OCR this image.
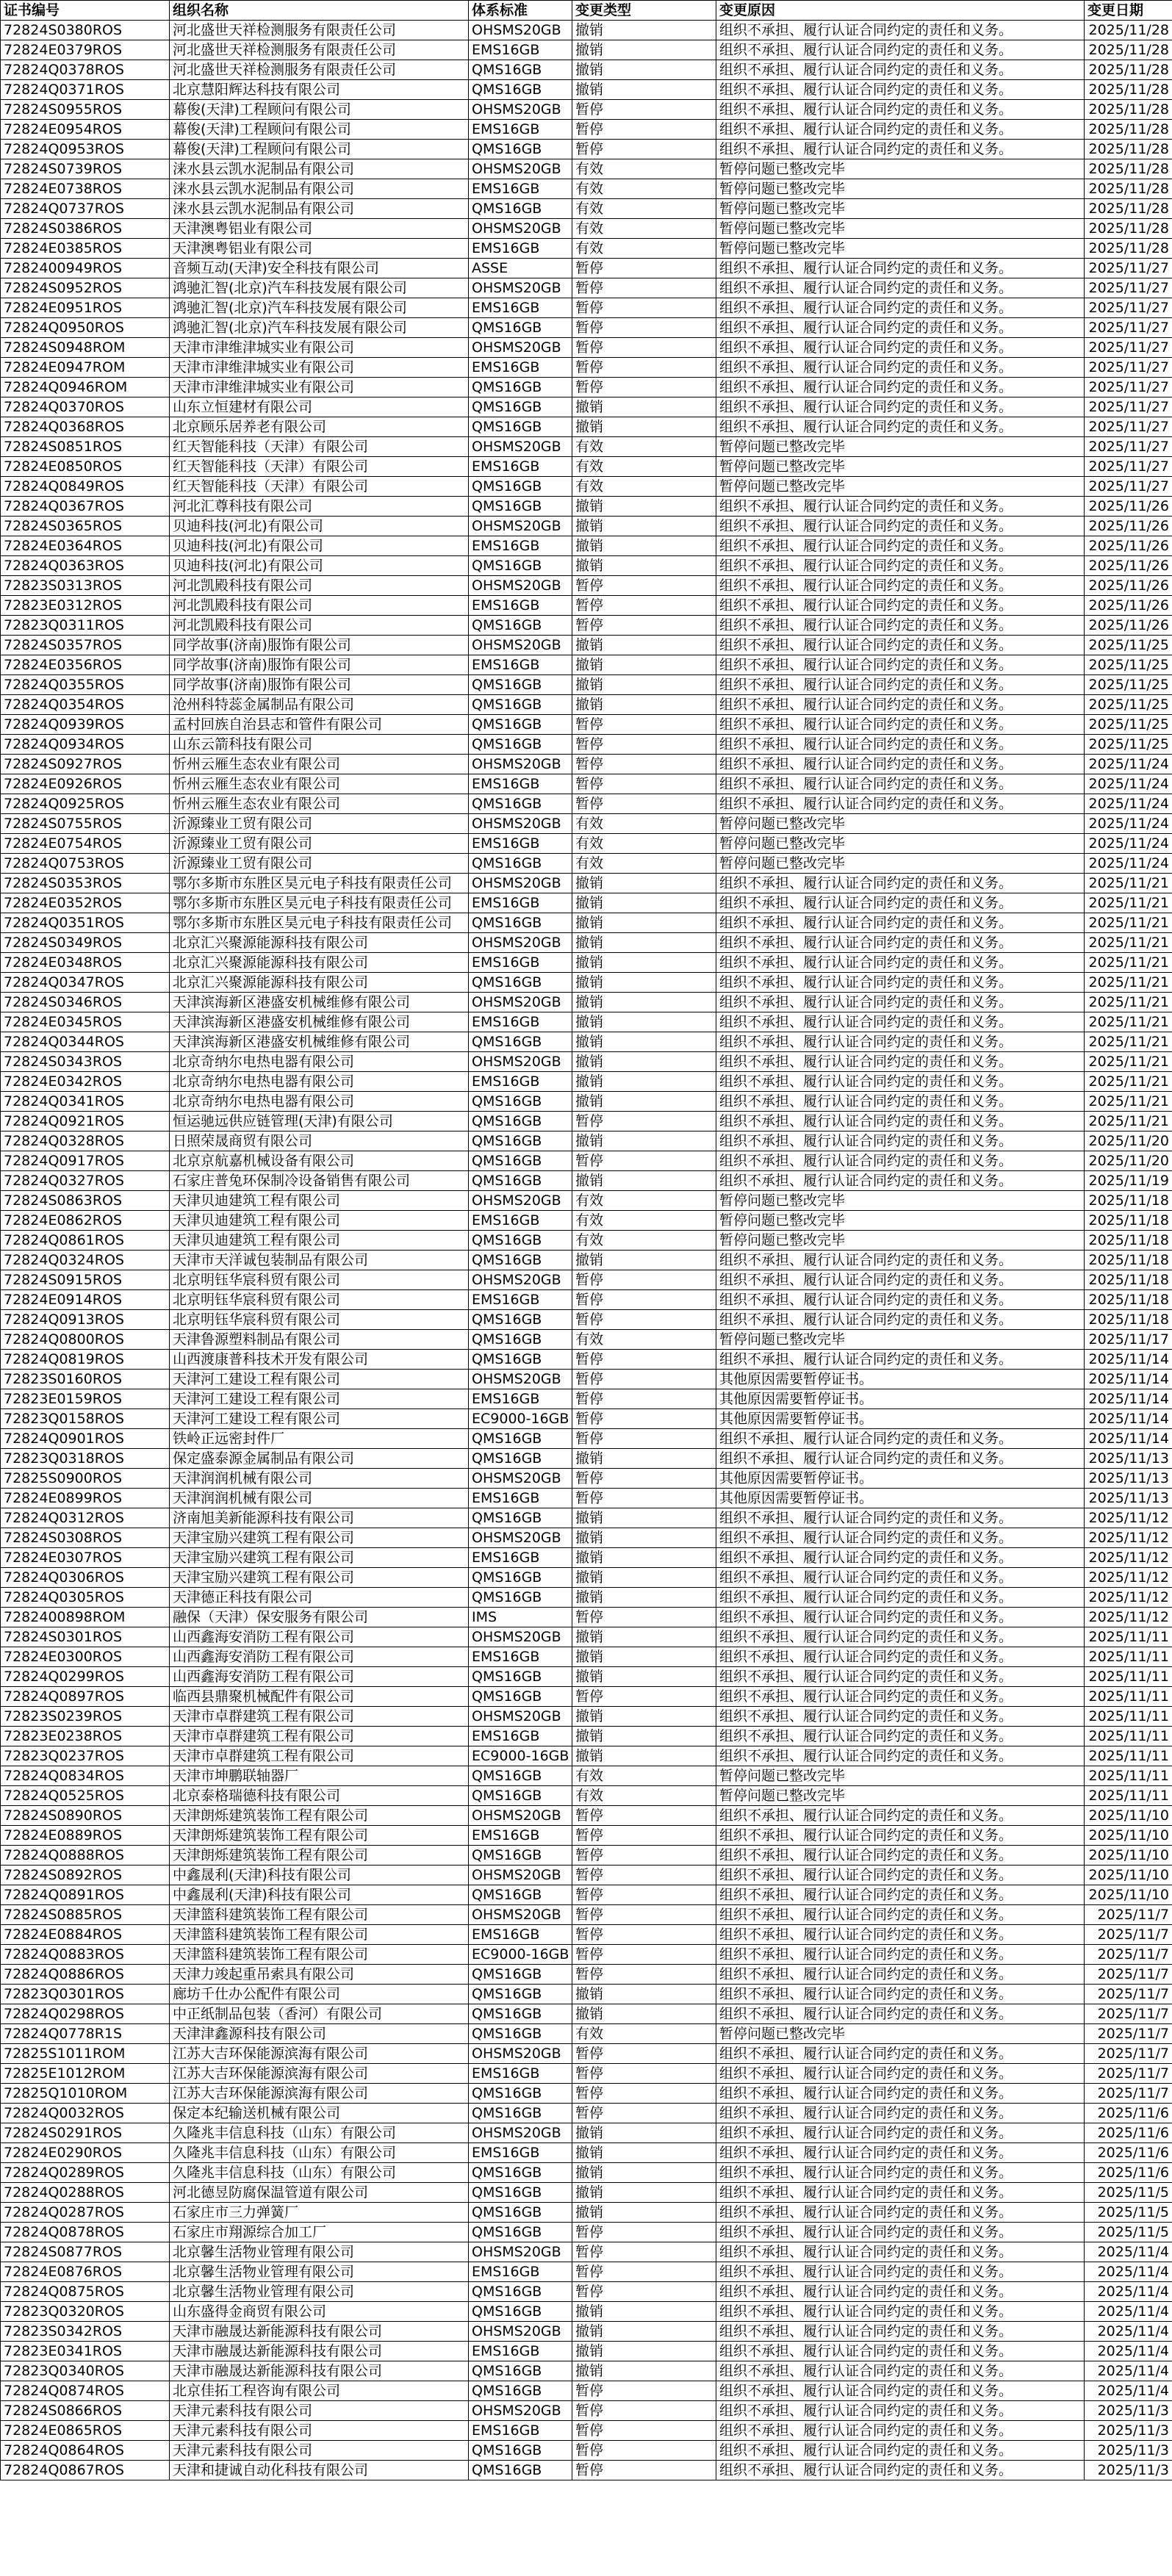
证书编号	组织名称	体系标准	变更类型	变更原因	变更日期
72824S0380ROS	河北盛世天祥检测服务有限责任公司	OHSMS20GB	撤销	组织不承担、履行认证合同约定的责任和义务。	2025/11/28
72824E0379ROS	河北盛世天祥检测服务有限责任公司	EMS16GB	撤销	组织不承担、履行认证合同约定的责任和义务。	2025/11/28
72824Q0378ROS	河北盛世天祥检测服务有限责任公司	QMS16GB	撤销	组织不承担、履行认证合同约定的责任和义务。	2025/11/28
72824Q0371ROS	北京慧阳辉达科技有限公司	QMS16GB	撤销	组织不承担、履行认证合同约定的责任和义务。	2025/11/28
72824S0955ROS	幕俊(天津)工程顾问有限公司	OHSMS20GB	暂停	组织不承担、履行认证合同约定的责任和义务。	2025/11/28
72824E0954ROS	幕俊(天津)工程顾问有限公司	EMS16GB	暂停	组织不承担、履行认证合同约定的责任和义务。	2025/11/28
72824Q0953ROS	幕俊(天津)工程顾问有限公司	QMS16GB	暂停	组织不承担、履行认证合同约定的责任和义务。	2025/11/28
72824S0739ROS	涞水县云凯水泥制品有限公司	OHSMS20GB	有效	暂停问题已整改完毕	2025/11/28
72824E0738ROS	涞水县云凯水泥制品有限公司	EMS16GB	有效	暂停问题已整改完毕	2025/11/28
72824Q0737ROS	涞水县云凯水泥制品有限公司	QMS16GB	有效	暂停问题已整改完毕	2025/11/28
72824S0386ROS	天津澳粤铝业有限公司	OHSMS20GB	有效	暂停问题已整改完毕	2025/11/28
72824E0385ROS	天津澳粤铝业有限公司	EMS16GB	有效	暂停问题已整改完毕	2025/11/28
7282400949ROS	音频互动(天津)安全科技有限公司	ASSE	暂停	组织不承担、履行认证合同约定的责任和义务。	2025/11/27
72824S0952ROS	鸿驰汇智(北京)汽车科技发展有限公司	OHSMS20GB	暂停	组织不承担、履行认证合同约定的责任和义务。	2025/11/27
72824E0951ROS	鸿驰汇智(北京)汽车科技发展有限公司	EMS16GB	暂停	组织不承担、履行认证合同约定的责任和义务。	2025/11/27
72824Q0950ROS	鸿驰汇智(北京)汽车科技发展有限公司	QMS16GB	暂停	组织不承担、履行认证合同约定的责任和义务。	2025/11/27
72824S0948ROM	天津市津维津城实业有限公司	OHSMS20GB	暂停	组织不承担、履行认证合同约定的责任和义务。	2025/11/27
72824E0947ROM	天津市津维津城实业有限公司	EMS16GB	暂停	组织不承担、履行认证合同约定的责任和义务。	2025/11/27
72824Q0946ROM	天津市津维津城实业有限公司	QMS16GB	暂停	组织不承担、履行认证合同约定的责任和义务。	2025/11/27
72824Q0370ROS	山东立恒建材有限公司	QMS16GB	撤销	组织不承担、履行认证合同约定的责任和义务。	2025/11/27
72824Q0368ROS	北京顾乐居养老有限公司	QMS16GB	撤销	组织不承担、履行认证合同约定的责任和义务。	2025/11/27
72824S0851ROS	红天智能科技（天津）有限公司	OHSMS20GB	有效	暂停问题已整改完毕	2025/11/27
72824E0850ROS	红天智能科技（天津）有限公司	EMS16GB	有效	暂停问题已整改完毕	2025/11/27
72824Q0849ROS	红天智能科技（天津）有限公司	QMS16GB	有效	暂停问题已整改完毕	2025/11/27
72824Q0367ROS	河北汇尊科技有限公司	QMS16GB	撤销	组织不承担、履行认证合同约定的责任和义务。	2025/11/26
72824S0365ROS	贝迪科技(河北)有限公司	OHSMS20GB	撤销	组织不承担、履行认证合同约定的责任和义务。	2025/11/26
72824E0364ROS	贝迪科技(河北)有限公司	EMS16GB	撤销	组织不承担、履行认证合同约定的责任和义务。	2025/11/26
72824Q0363ROS	贝迪科技(河北)有限公司	QMS16GB	撤销	组织不承担、履行认证合同约定的责任和义务。	2025/11/26
72823S0313ROS	河北凯殿科技有限公司	OHSMS20GB	暂停	组织不承担、履行认证合同约定的责任和义务。	2025/11/26
72823E0312ROS	河北凯殿科技有限公司	EMS16GB	暂停	组织不承担、履行认证合同约定的责任和义务。	2025/11/26
72823Q0311ROS	河北凯殿科技有限公司	QMS16GB	暂停	组织不承担、履行认证合同约定的责任和义务。	2025/11/26
72824S0357ROS	同学故事(济南)服饰有限公司	OHSMS20GB	撤销	组织不承担、履行认证合同约定的责任和义务。	2025/11/25
72824E0356ROS	同学故事(济南)服饰有限公司	EMS16GB	撤销	组织不承担、履行认证合同约定的责任和义务。	2025/11/25
72824Q0355ROS	同学故事(济南)服饰有限公司	QMS16GB	撤销	组织不承担、履行认证合同约定的责任和义务。	2025/11/25
72824Q0354ROS	沧州科特蕊金属制品有限公司	QMS16GB	撤销	组织不承担、履行认证合同约定的责任和义务。	2025/11/25
72824Q0939ROS	孟村回族自治县志和管件有限公司	QMS16GB	暂停	组织不承担、履行认证合同约定的责任和义务。	2025/11/25
72824Q0934ROS	山东云箭科技有限公司	QMS16GB	暂停	组织不承担、履行认证合同约定的责任和义务。	2025/11/25
72824S0927ROS	忻州云雁生态农业有限公司	OHSMS20GB	暂停	组织不承担、履行认证合同约定的责任和义务。	2025/11/24
72824E0926ROS	忻州云雁生态农业有限公司	EMS16GB	暂停	组织不承担、履行认证合同约定的责任和义务。	2025/11/24
72824Q0925ROS	忻州云雁生态农业有限公司	QMS16GB	暂停	组织不承担、履行认证合同约定的责任和义务。	2025/11/24
72824S0755ROS	沂源臻业工贸有限公司	OHSMS20GB	有效	暂停问题已整改完毕	2025/11/24
72824E0754ROS	沂源臻业工贸有限公司	EMS16GB	有效	暂停问题已整改完毕	2025/11/24
72824Q0753ROS	沂源臻业工贸有限公司	QMS16GB	有效	暂停问题已整改完毕	2025/11/24
72824S0353ROS	鄂尔多斯市东胜区昊元电子科技有限责任公司	OHSMS20GB	撤销	组织不承担、履行认证合同约定的责任和义务。	2025/11/21
72824E0352ROS	鄂尔多斯市东胜区昊元电子科技有限责任公司	EMS16GB	撤销	组织不承担、履行认证合同约定的责任和义务。	2025/11/21
72824Q0351ROS	鄂尔多斯市东胜区昊元电子科技有限责任公司	QMS16GB	撤销	组织不承担、履行认证合同约定的责任和义务。	2025/11/21
72824S0349ROS	北京汇兴聚源能源科技有限公司	OHSMS20GB	撤销	组织不承担、履行认证合同约定的责任和义务。	2025/11/21
72824E0348ROS	北京汇兴聚源能源科技有限公司	EMS16GB	撤销	组织不承担、履行认证合同约定的责任和义务。	2025/11/21
72824Q0347ROS	北京汇兴聚源能源科技有限公司	QMS16GB	撤销	组织不承担、履行认证合同约定的责任和义务。	2025/11/21
72824S0346ROS	天津滨海新区港盛安机械维修有限公司	OHSMS20GB	撤销	组织不承担、履行认证合同约定的责任和义务。	2025/11/21
72824E0345ROS	天津滨海新区港盛安机械维修有限公司	EMS16GB	撤销	组织不承担、履行认证合同约定的责任和义务。	2025/11/21
72824Q0344ROS	天津滨海新区港盛安机械维修有限公司	QMS16GB	撤销	组织不承担、履行认证合同约定的责任和义务。	2025/11/21
72824S0343ROS	北京奇纳尔电热电器有限公司	OHSMS20GB	撤销	组织不承担、履行认证合同约定的责任和义务。	2025/11/21
72824E0342ROS	北京奇纳尔电热电器有限公司	EMS16GB	撤销	组织不承担、履行认证合同约定的责任和义务。	2025/11/21
72824Q0341ROS	北京奇纳尔电热电器有限公司	QMS16GB	撤销	组织不承担、履行认证合同约定的责任和义务。	2025/11/21
72824Q0921ROS	恒运驰远供应链管理(天津)有限公司	QMS16GB	暂停	组织不承担、履行认证合同约定的责任和义务。	2025/11/21
72824Q0328ROS	日照荣晟商贸有限公司	QMS16GB	撤销	组织不承担、履行认证合同约定的责任和义务。	2025/11/20
72824Q0917ROS	北京京航嘉机械设备有限公司	QMS16GB	暂停	组织不承担、履行认证合同约定的责任和义务。	2025/11/20
72824Q0327ROS	石家庄普兔环保制冷设备销售有限公司	QMS16GB	撤销	组织不承担、履行认证合同约定的责任和义务。	2025/11/19
72824S0863ROS	天津贝迪建筑工程有限公司	OHSMS20GB	有效	暂停问题已整改完毕	2025/11/18
72824E0862ROS	天津贝迪建筑工程有限公司	EMS16GB	有效	暂停问题已整改完毕	2025/11/18
72824Q0861ROS	天津贝迪建筑工程有限公司	QMS16GB	有效	暂停问题已整改完毕	2025/11/18
72824Q0324ROS	天津市天洋诚包装制品有限公司	QMS16GB	撤销	组织不承担、履行认证合同约定的责任和义务。	2025/11/18
72824S0915ROS	北京明钰华宸科贸有限公司	OHSMS20GB	暂停	组织不承担、履行认证合同约定的责任和义务。	2025/11/18
72824E0914ROS	北京明钰华宸科贸有限公司	EMS16GB	暂停	组织不承担、履行认证合同约定的责任和义务。	2025/11/18
72824Q0913ROS	北京明钰华宸科贸有限公司	QMS16GB	暂停	组织不承担、履行认证合同约定的责任和义务。	2025/11/18
72824Q0800ROS	天津鲁源塑料制品有限公司	QMS16GB	有效	暂停问题已整改完毕	2025/11/17
72824Q0819ROS	山西渡康普科技术开发有限公司	QMS16GB	暂停	组织不承担、履行认证合同约定的责任和义务。	2025/11/14
72823S0160ROS	天津河工建设工程有限公司	OHSMS20GB	暂停	其他原因需要暂停证书。	2025/11/14
72823E0159ROS	天津河工建设工程有限公司	EMS16GB	暂停	其他原因需要暂停证书。	2025/11/14
72823Q0158ROS	天津河工建设工程有限公司	EC9000-16GB	暂停	其他原因需要暂停证书。	2025/11/14
72824Q0901ROS	铁岭正远密封件厂	QMS16GB	暂停	组织不承担、履行认证合同约定的责任和义务。	2025/11/14
72823Q0318ROS	保定盛泰源金属制品有限公司	QMS16GB	撤销	组织不承担、履行认证合同约定的责任和义务。	2025/11/13
72825S0900ROS	天津润润机械有限公司	OHSMS20GB	暂停	其他原因需要暂停证书。	2025/11/13
72824E0899ROS	天津润润机械有限公司	EMS16GB	暂停	其他原因需要暂停证书。	2025/11/13
72824Q0312ROS	济南旭美新能源科技有限公司	QMS16GB	撤销	组织不承担、履行认证合同约定的责任和义务。	2025/11/12
72824S0308ROS	天津宝励兴建筑工程有限公司	OHSMS20GB	撤销	组织不承担、履行认证合同约定的责任和义务。	2025/11/12
72824E0307ROS	天津宝励兴建筑工程有限公司	EMS16GB	撤销	组织不承担、履行认证合同约定的责任和义务。	2025/11/12
72824Q0306ROS	天津宝励兴建筑工程有限公司	QMS16GB	撤销	组织不承担、履行认证合同约定的责任和义务。	2025/11/12
72824Q0305ROS	天津德正科技有限公司	QMS16GB	撤销	组织不承担、履行认证合同约定的责任和义务。	2025/11/12
7282400898ROM	融保（天津）保安服务有限公司	IMS	暂停	组织不承担、履行认证合同约定的责任和义务。	2025/11/12
72824S0301ROS	山西鑫海安消防工程有限公司	OHSMS20GB	撤销	组织不承担、履行认证合同约定的责任和义务。	2025/11/11
72824E0300ROS	山西鑫海安消防工程有限公司	EMS16GB	撤销	组织不承担、履行认证合同约定的责任和义务。	2025/11/11
72824Q0299ROS	山西鑫海安消防工程有限公司	QMS16GB	撤销	组织不承担、履行认证合同约定的责任和义务。	2025/11/11
72824Q0897ROS	临西县鼎聚机械配件有限公司	QMS16GB	暂停	组织不承担、履行认证合同约定的责任和义务。	2025/11/11
72823S0239ROS	天津市卓群建筑工程有限公司	OHSMS20GB	撤销	组织不承担、履行认证合同约定的责任和义务。	2025/11/11
72823E0238ROS	天津市卓群建筑工程有限公司	EMS16GB	撤销	组织不承担、履行认证合同约定的责任和义务。	2025/11/11
72823Q0237ROS	天津市卓群建筑工程有限公司	EC9000-16GB	撤销	组织不承担、履行认证合同约定的责任和义务。	2025/11/11
72824Q0834ROS	天津市坤鹏联轴器厂	QMS16GB	有效	暂停问题已整改完毕	2025/11/11
72824Q0525ROS	北京泰格瑞德科技有限公司	QMS16GB	有效	暂停问题已整改完毕	2025/11/11
72824S0890ROS	天津朗烁建筑装饰工程有限公司	OHSMS20GB	暂停	组织不承担、履行认证合同约定的责任和义务。	2025/11/10
72824E0889ROS	天津朗烁建筑装饰工程有限公司	EMS16GB	暂停	组织不承担、履行认证合同约定的责任和义务。	2025/11/10
72824Q0888ROS	天津朗烁建筑装饰工程有限公司	QMS16GB	暂停	组织不承担、履行认证合同约定的责任和义务。	2025/11/10
72824S0892ROS	中鑫晟利(天津)科技有限公司	OHSMS20GB	暂停	组织不承担、履行认证合同约定的责任和义务。	2025/11/10
72824Q0891ROS	中鑫晟利(天津)科技有限公司	QMS16GB	暂停	组织不承担、履行认证合同约定的责任和义务。	2025/11/10
72824S0885ROS	天津篮科建筑装饰工程有限公司	OHSMS20GB	暂停	组织不承担、履行认证合同约定的责任和义务。	2025/11/7
72824E0884ROS	天津篮科建筑装饰工程有限公司	EMS16GB	暂停	组织不承担、履行认证合同约定的责任和义务。	2025/11/7
72824Q0883ROS	天津篮科建筑装饰工程有限公司	EC9000-16GB	暂停	组织不承担、履行认证合同约定的责任和义务。	2025/11/7
72824Q0886ROS	天津力竣起重吊索具有限公司	QMS16GB	暂停	组织不承担、履行认证合同约定的责任和义务。	2025/11/7
72823Q0301ROS	廊坊千仕办公配件有限公司	QMS16GB	撤销	组织不承担、履行认证合同约定的责任和义务。	2025/11/7
72824Q0298ROS	中正纸制品包装（香河）有限公司	QMS16GB	撤销	组织不承担、履行认证合同约定的责任和义务。	2025/11/7
72824Q0778R1S	天津津鑫源科技有限公司	QMS16GB	有效	暂停问题已整改完毕	2025/11/7
72825S1011ROM	江苏大吉环保能源滨海有限公司	OHSMS20GB	暂停	组织不承担、履行认证合同约定的责任和义务。	2025/11/7
72825E1012ROM	江苏大吉环保能源滨海有限公司	EMS16GB	暂停	组织不承担、履行认证合同约定的责任和义务。	2025/11/7
72825Q1010ROM	江苏大吉环保能源滨海有限公司	QMS16GB	暂停	组织不承担、履行认证合同约定的责任和义务。	2025/11/7
72824Q0032ROS	保定本纪输送机械有限公司	QMS16GB	暂停	组织不承担、履行认证合同约定的责任和义务。	2025/11/6
72824S0291ROS	久隆兆丰信息科技（山东）有限公司	OHSMS20GB	撤销	组织不承担、履行认证合同约定的责任和义务。	2025/11/6
72824E0290ROS	久隆兆丰信息科技（山东）有限公司	EMS16GB	撤销	组织不承担、履行认证合同约定的责任和义务。	2025/11/6
72824Q0289ROS	久隆兆丰信息科技（山东）有限公司	QMS16GB	撤销	组织不承担、履行认证合同约定的责任和义务。	2025/11/6
72824Q0288ROS	河北德昱防腐保温管道有限公司	QMS16GB	撤销	组织不承担、履行认证合同约定的责任和义务。	2025/11/5
72824Q0287ROS	石家庄市三力弹簧厂	QMS16GB	撤销	组织不承担、履行认证合同约定的责任和义务。	2025/11/5
72824Q0878ROS	石家庄市翔源综合加工厂	QMS16GB	暂停	组织不承担、履行认证合同约定的责任和义务。	2025/11/5
72824S0877ROS	北京馨生活物业管理有限公司	OHSMS20GB	暂停	组织不承担、履行认证合同约定的责任和义务。	2025/11/4
72824E0876ROS	北京馨生活物业管理有限公司	EMS16GB	暂停	组织不承担、履行认证合同约定的责任和义务。	2025/11/4
72824Q0875ROS	北京馨生活物业管理有限公司	QMS16GB	暂停	组织不承担、履行认证合同约定的责任和义务。	2025/11/4
72823Q0320ROS	山东盛得金商贸有限公司	QMS16GB	撤销	组织不承担、履行认证合同约定的责任和义务。	2025/11/4
72823S0342ROS	天津市融晟达新能源科技有限公司	OHSMS20GB	撤销	组织不承担、履行认证合同约定的责任和义务。	2025/11/4
72823E0341ROS	天津市融晟达新能源科技有限公司	EMS16GB	撤销	组织不承担、履行认证合同约定的责任和义务。	2025/11/4
72823Q0340ROS	天津市融晟达新能源科技有限公司	QMS16GB	撤销	组织不承担、履行认证合同约定的责任和义务。	2025/11/4
72824Q0874ROS	北京佳拓工程咨询有限公司	QMS16GB	暂停	组织不承担、履行认证合同约定的责任和义务。	2025/11/4
72824S0866ROS	天津元素科技有限公司	OHSMS20GB	暂停	组织不承担、履行认证合同约定的责任和义务。	2025/11/3
72824E0865ROS	天津元素科技有限公司	EMS16GB	暂停	组织不承担、履行认证合同约定的责任和义务。	2025/11/3
72824Q0864ROS	天津元素科技有限公司	QMS16GB	暂停	组织不承担、履行认证合同约定的责任和义务。	2025/11/3
72824Q0867ROS	天津和捷诚自动化科技有限公司	QMS16GB	暂停	组织不承担、履行认证合同约定的责任和义务。	2025/11/3
